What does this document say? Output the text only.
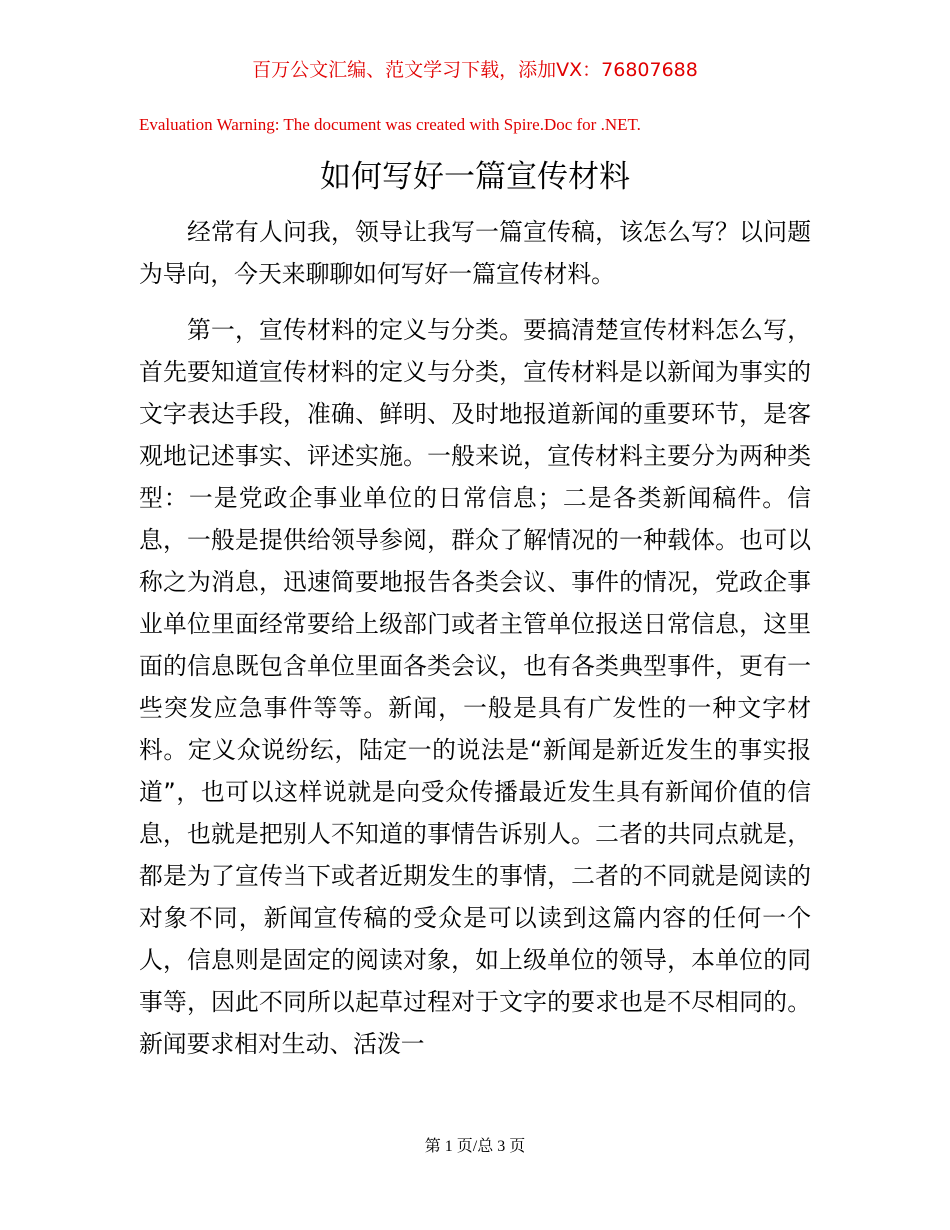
百万公文汇编、范文学习下载，添加VX：76807688
Evaluation Warning: The document was created with Spire.Doc for .NET.
如何写好一篇宣传材料

经常有人问我，领导让我写一篇宣传稿，该怎么写？以问题为导向，今天来聊聊如何写好一篇宣传材料。

第一，宣传材料的定义与分类。要搞清楚宣传材料怎么写，首先要知道宣传材料的定义与分类，宣传材料是以新闻为事实的文字表达手段，准确、鲜明、及时地报道新闻的重要环节，是客观地记述事实、评述实施。一般来说，宣传材料主要分为两种类型：一是党政企事业单位的日常信息；二是各类新闻稿件。信息，一般是提供给领导参阅，群众了解情况的一种载体。也可以称之为消息，迅速简要地报告各类会议、事件的情况，党政企事业单位里面经常要给上级部门或者主管单位报送日常信息，这里面的信息既包含单位里面各类会议，也有各类典型事件，更有一些突发应急事件等等。新闻，一般是具有广发性的一种文字材料。定义众说纷纭，陆定一的说法是“新闻是新近发生的事实报道”，也可以这样说就是向受众传播最近发生具有新闻价值的信息，也就是把别人不知道的事情告诉别人。二者的共同点就是，都是为了宣传当下或者近期发生的事情，二者的不同就是阅读的对象不同，新闻宣传稿的受众是可以读到这篇内容的任何一个人，信息则是固定的阅读对象，如上级单位的领导，本单位的同事等，因此不同所以起草过程对于文字的要求也是不尽相同的。新闻要求相对生动、活泼一

第 1 页/总 3 页
